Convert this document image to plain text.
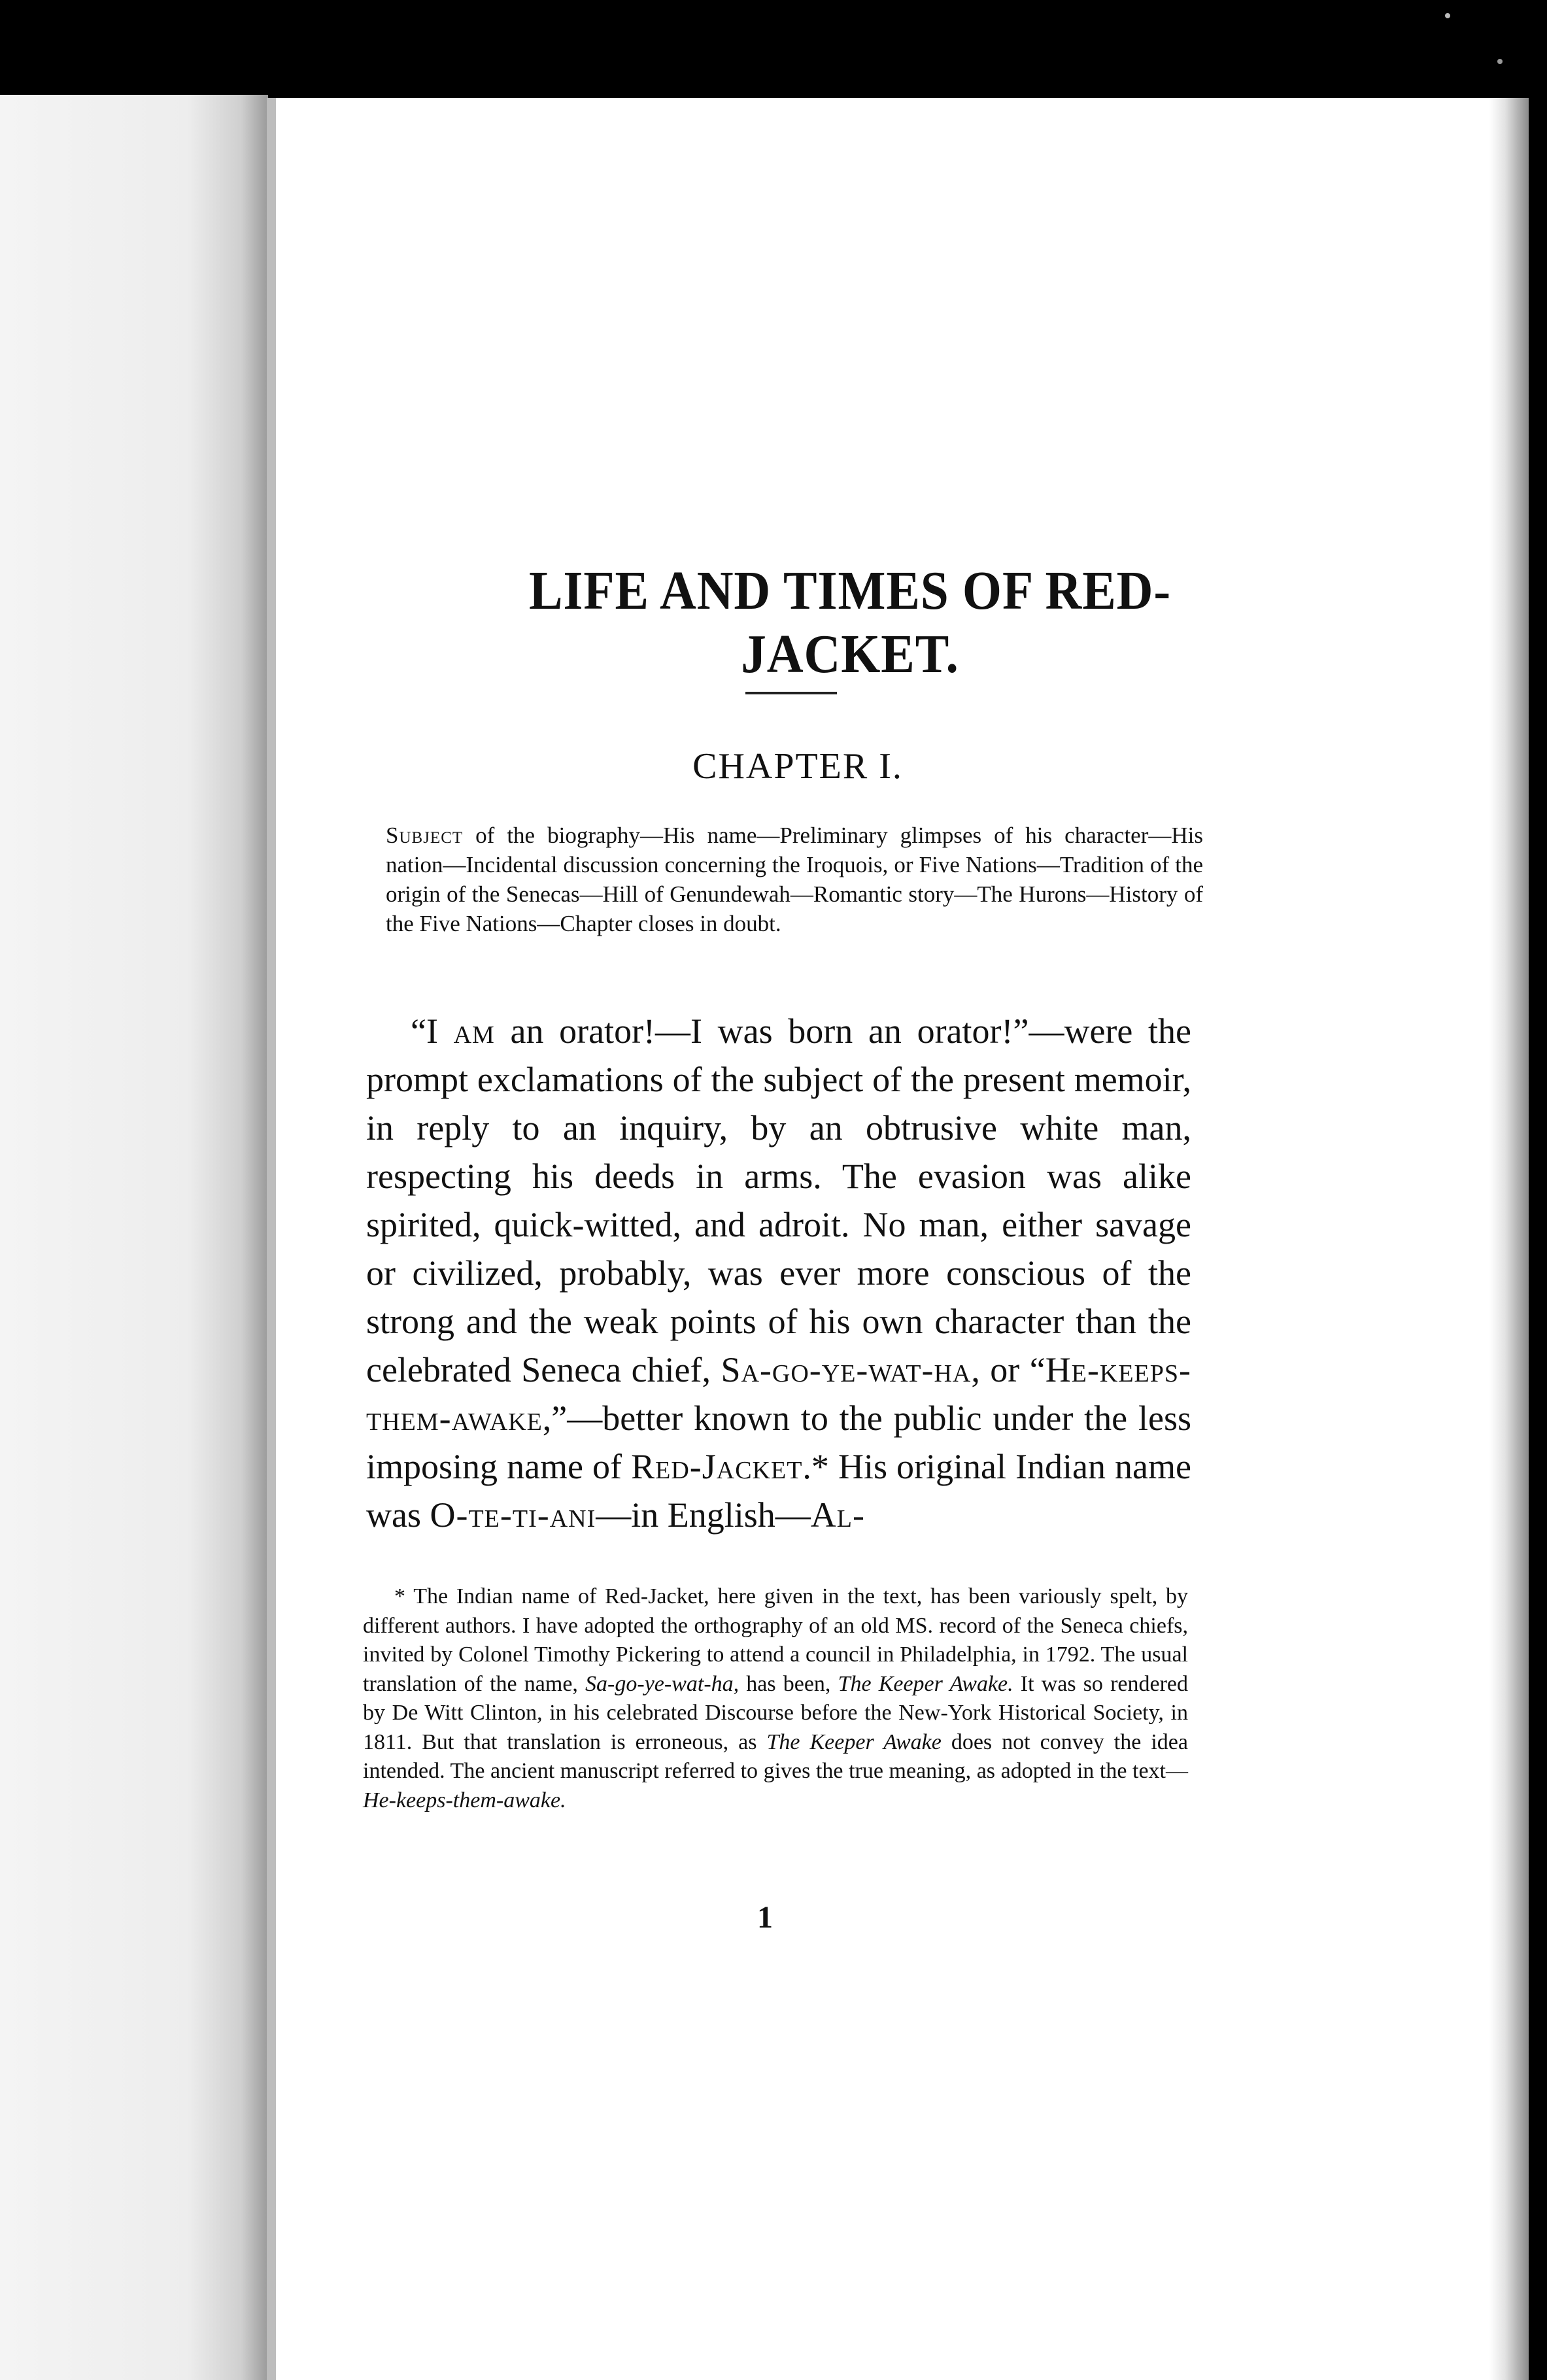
LIFE AND TIMES OF RED-JACKET.
CHAPTER I.
Subject of the biography—His name—Preliminary glimpses of his character—His nation—Incidental discussion concerning the Iroquois, or Five Nations—Tradition of the origin of the Senecas—Hill of Genundewah—Romantic story—The Hurons—History of the Five Nations—Chapter closes in doubt.

“I am an orator!—I was born an orator!”—were the prompt exclamations of the subject of the present memoir, in reply to an inquiry, by an obtrusive white man, respecting his deeds in arms. The evasion was alike spirited, quick-witted, and adroit. No man, either savage or civilized, probably, was ever more conscious of the strong and the weak points of his own character than the celebrated Seneca chief, Sa-go-ye-wat-ha, or “He-keeps-them-awake,”—better known to the public under the less imposing name of Red-Jacket.* His original Indian name was O-te-ti-ani—in English—Al-

* The Indian name of Red-Jacket, here given in the text, has been variously spelt, by different authors. I have adopted the orthography of an old MS. record of the Seneca chiefs, invited by Colonel Timothy Pickering to attend a council in Philadelphia, in 1792. The usual translation of the name, Sa-go-ye-wat-ha, has been, The Keeper Awake. It was so rendered by De Witt Clinton, in his celebrated Discourse before the New-York Historical Society, in 1811. But that translation is erroneous, as The Keeper Awake does not convey the idea intended. The ancient manuscript referred to gives the true meaning, as adopted in the text—He-keeps-them-awake.

1
